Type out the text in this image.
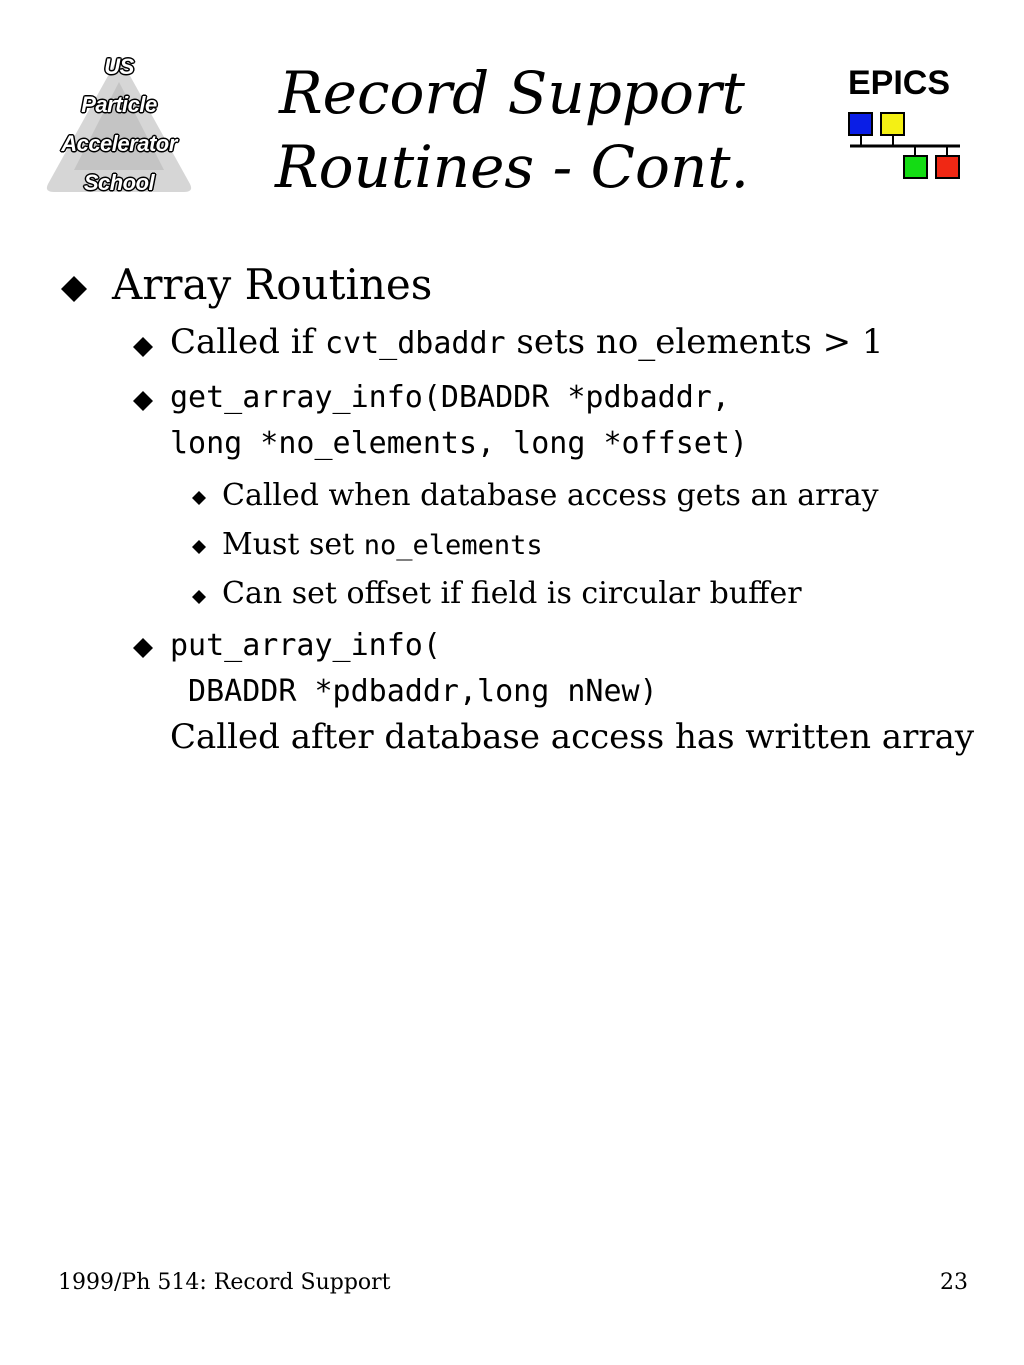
US
Particle
Accelerator
School
Record Support
Routines - Cont.
EPICS
Array Routines
Called if cvt_dbaddr sets no_elements > 1
get_array_info(DBADDR *pdbaddr,
long *no_elements, long *offset)
Called when database access gets an array
Must set no_elements
Can set offset if field is circular buffer
put_array_info(
DBADDR *pdbaddr,long nNew)
Called after database access has written array
1999/Ph 514: Record Support	23
